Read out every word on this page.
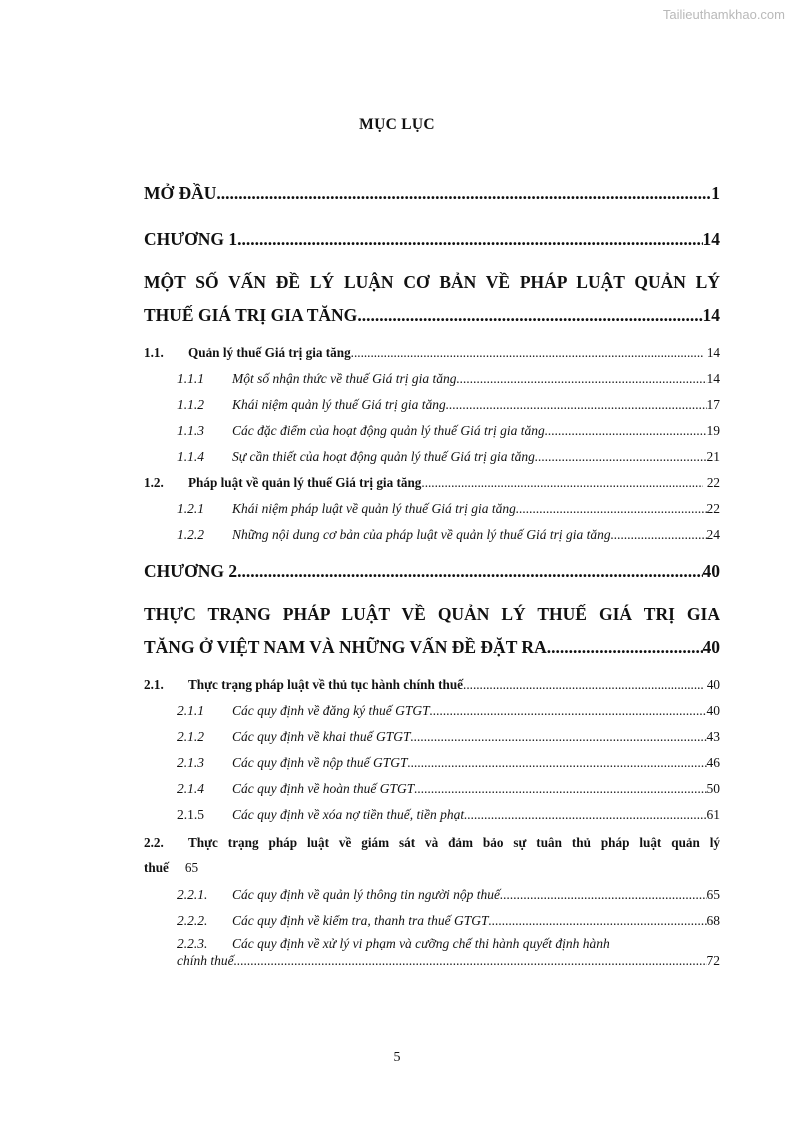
Tailieuthamkhao.com
MỤC LỤC
MỞ ĐẦU .....	1
CHƯƠNG 1 .....	14
MỘT SỐ VẤN ĐỀ LÝ LUẬN CƠ BẢN VỀ PHÁP LUẬT QUẢN LÝ
THUẾ GIÁ TRỊ GIA TĂNG .....	14
1.1.	Quản lý thuế Giá trị gia tăng .....	14
1.1.1	Một số nhận thức về thuế Giá trị gia tăng .....	14
1.1.2	Khái niệm quản lý thuế Giá trị gia tăng .....	17
1.1.3	Các đặc điểm của hoạt động quản lý thuế Giá trị gia tăng .....	19
1.1.4	Sự cần thiết của hoạt động quản lý thuế Giá trị gia tăng .....	21
1.2.	Pháp luật về quản lý thuế Giá trị gia tăng .....	22
1.2.1	Khái niệm pháp luật về quản lý thuế Giá trị gia tăng .....	22
1.2.2	Những nội dung cơ bản của pháp luật về quản lý thuế Giá trị gia tăng .....	24
CHƯƠNG 2 .....	40
THỰC TRẠNG PHÁP LUẬT VỀ QUẢN LÝ THUẾ GIÁ TRỊ GIA
TĂNG Ở VIỆT NAM VÀ NHỮNG VẤN ĐỀ ĐẶT RA .....	40
2.1.	Thực trạng pháp luật về thủ tục hành chính thuế .....	40
2.1.1	Các quy định về đăng ký thuế GTGT .....	40
2.1.2	Các quy định về khai thuế GTGT .....	43
2.1.3	Các quy định về nộp thuế GTGT .....	46
2.1.4	Các quy định về hoàn thuế GTGT .....	50
2.1.5	Các quy định về xóa nợ tiền thuế, tiền phạt .....	61
2.2.	Thực trạng pháp luật về giám sát và đảm bảo sự tuân thủ pháp luật quản lý
thuế	65
2.2.1.	Các quy định về quản lý thông tin người nộp thuế .....	65
2.2.2.	Các quy định về kiểm tra, thanh tra thuế GTGT .....	68
2.2.3.	Các quy định về xử lý vi phạm và cưỡng chế thi hành quyết định hành
chính thuế .....	72
5
